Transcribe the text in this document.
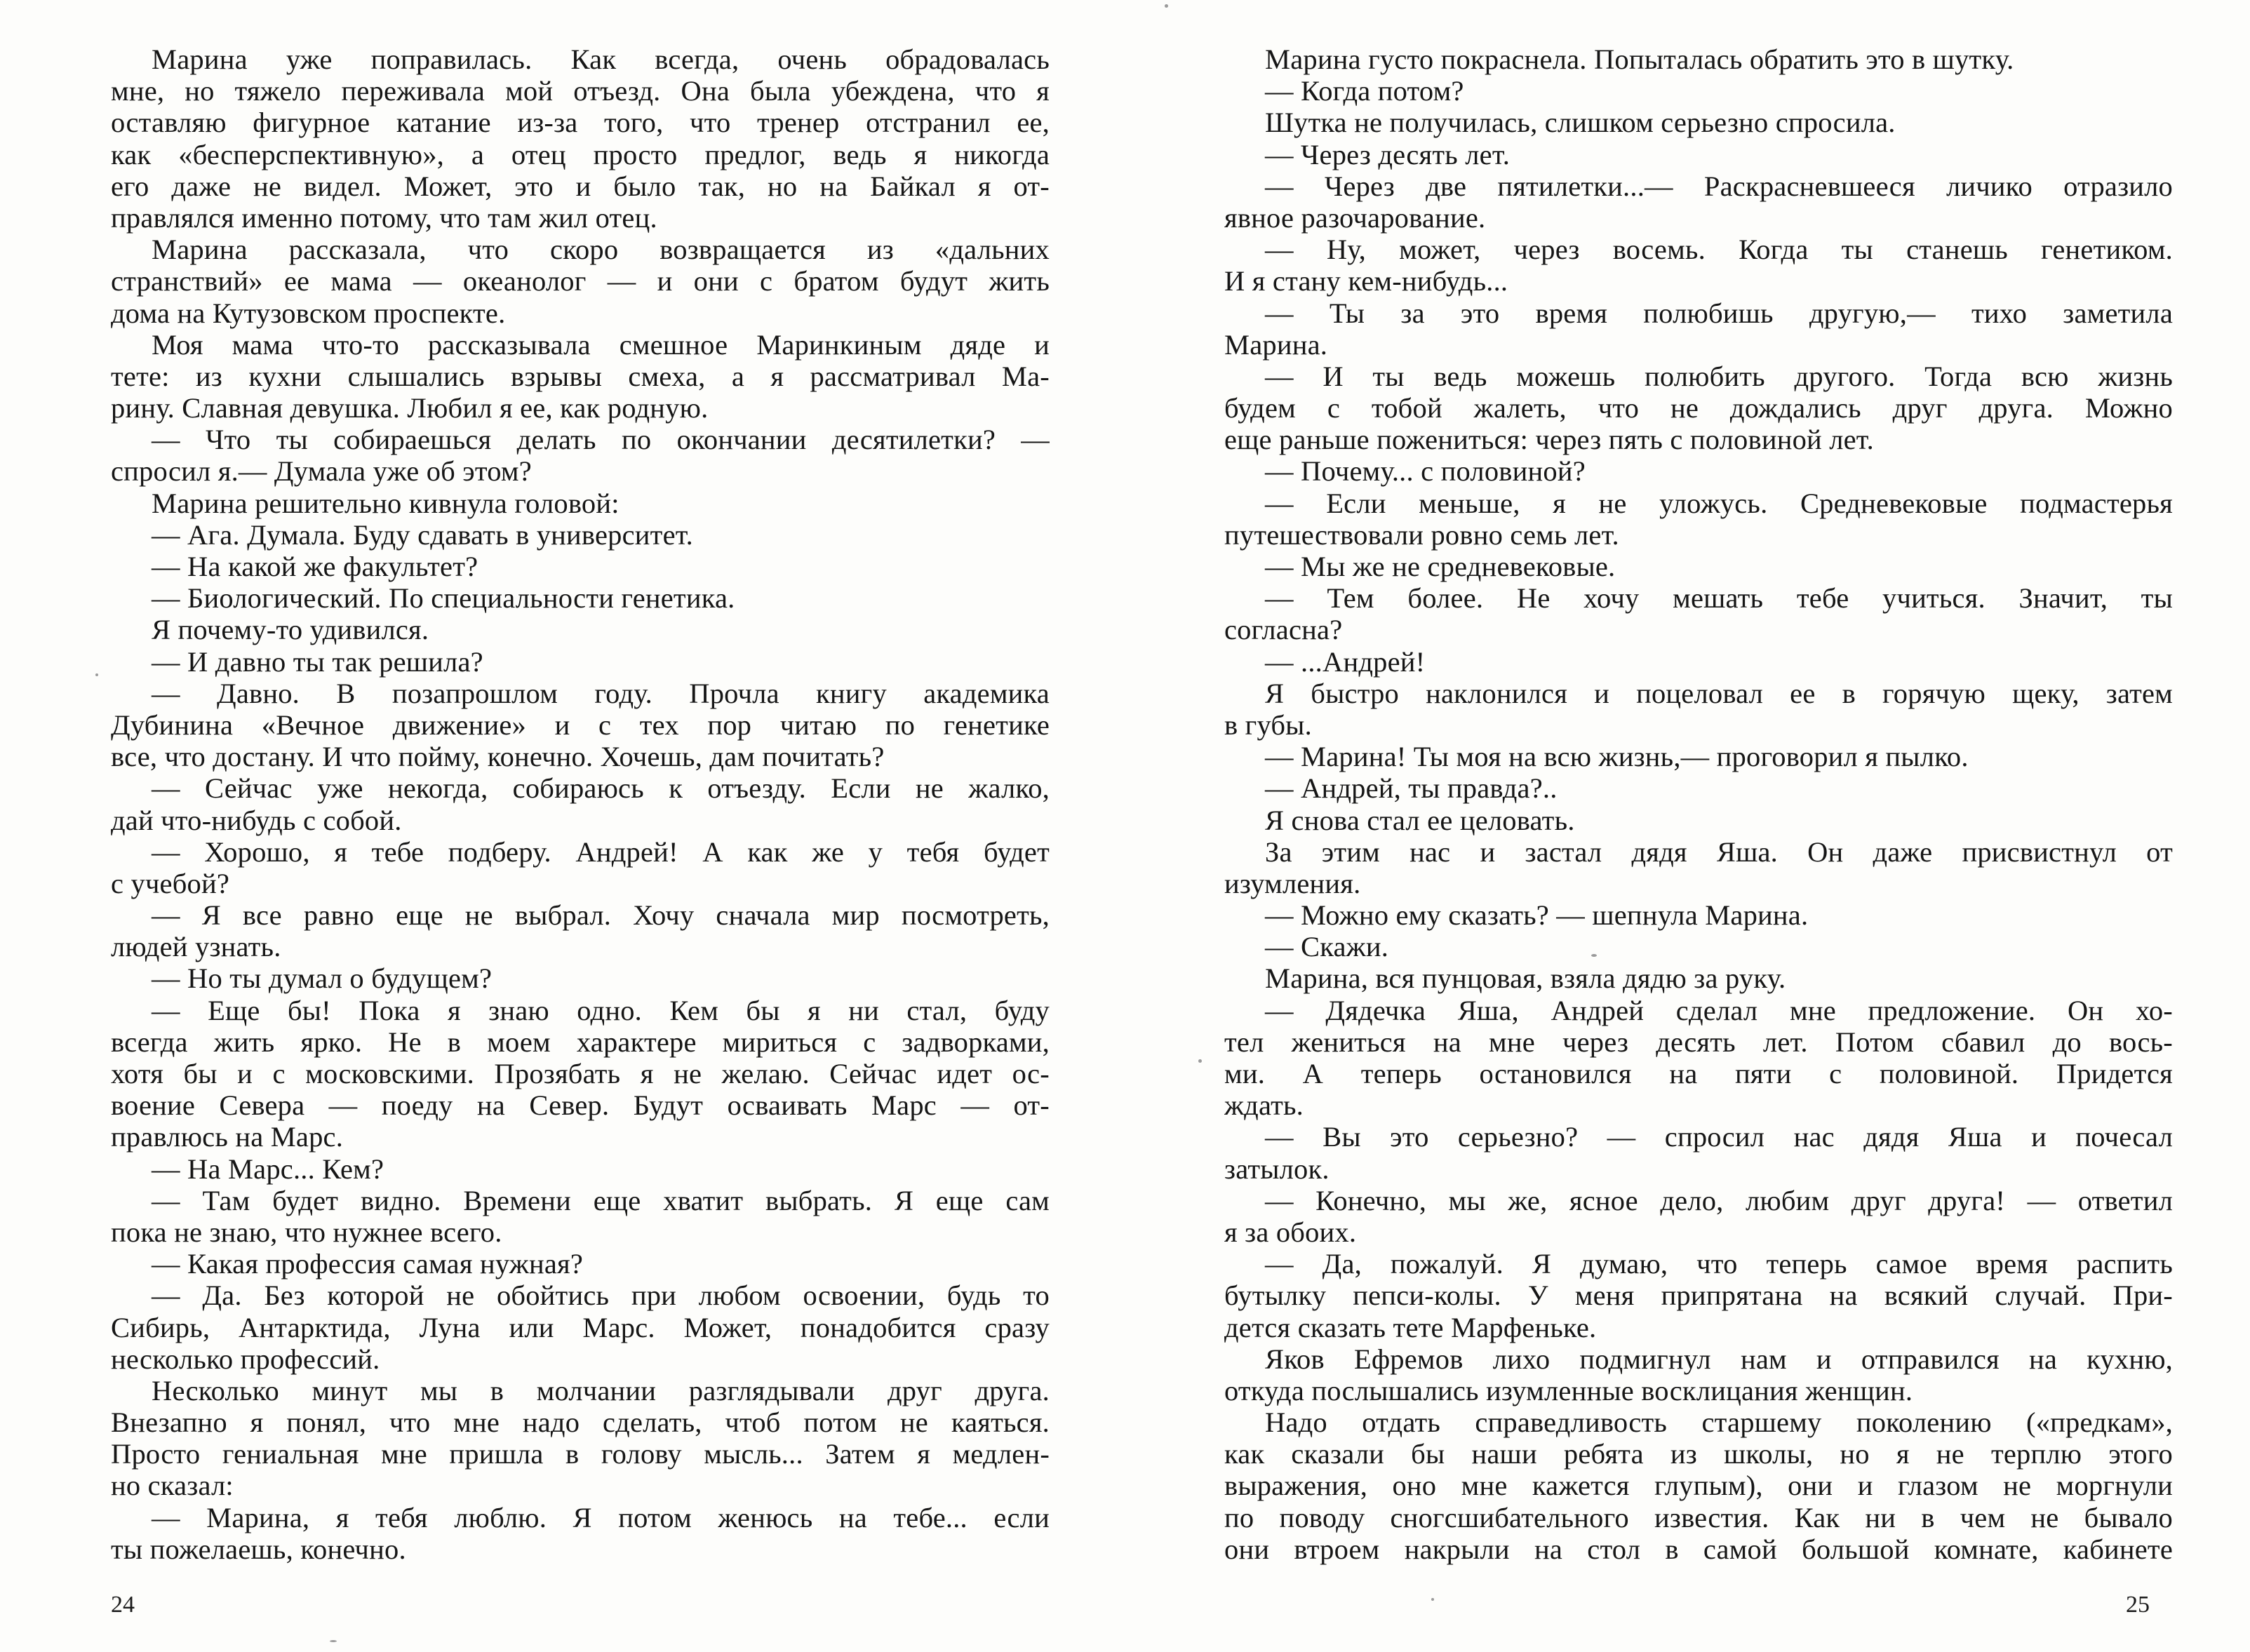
Марина уже поправилась. Как всегда, очень обрадовалась
мне, но тяжело переживала мой отъезд. Она была убеждена, что я
оставляю фигурное катание из-за того, что тренер отстранил ее,
как «бесперспективную», а отец просто предлог, ведь я никогда
его даже не видел. Может, это и было так, но на Байкал я от-
правлялся именно потому, что там жил отец.
Марина рассказала, что скоро возвращается из «дальних
странствий» ее мама — океанолог — и они с братом будут жить
дома на Кутузовском проспекте.
Моя мама что-то рассказывала смешное Маринкиным дяде и
тете: из кухни слышались взрывы смеха, а я рассматривал Ма-
рину. Славная девушка. Любил я ее, как родную.
— Что ты собираешься делать по окончании десятилетки? —
спросил я.— Думала уже об этом?
Марина решительно кивнула головой:
— Ага. Думала. Буду сдавать в университет.
— На какой же факультет?
— Биологический. По специальности генетика.
Я почему-то удивился.
— И давно ты так решила?
— Давно. В позапрошлом году. Прочла книгу академика
Дубинина «Вечное движение» и с тех пор читаю по генетике
все, что достану. И что пойму, конечно. Хочешь, дам почитать?
— Сейчас уже некогда, собираюсь к отъезду. Если не жалко,
дай что-нибудь с собой.
— Хорошо, я тебе подберу. Андрей! А как же у тебя будет
с учебой?
— Я все равно еще не выбрал. Хочу сначала мир посмотреть,
людей узнать.
— Но ты думал о будущем?
— Еще бы! Пока я знаю одно. Кем бы я ни стал, буду
всегда жить ярко. Не в моем характере мириться с задворками,
хотя бы и с московскими. Прозябать я не желаю. Сейчас идет ос-
воение Севера — поеду на Север. Будут осваивать Марс — от-
правлюсь на Марс.
— На Марс... Кем?
— Там будет видно. Времени еще хватит выбрать. Я еще сам
пока не знаю, что нужнее всего.
— Какая профессия самая нужная?
— Да. Без которой не обойтись при любом освоении, будь то
Сибирь, Антарктида, Луна или Марс. Может, понадобится сразу
несколько профессий.
Несколько минут мы в молчании разглядывали друг друга.
Внезапно я понял, что мне надо сделать, чтоб потом не каяться.
Просто гениальная мне пришла в голову мысль... Затем я медлен-
но сказал:
— Марина, я тебя люблю. Я потом женюсь на тебе... если
ты пожелаешь, конечно.
24
Марина густо покраснела. Попыталась обратить это в шутку.
— Когда потом?
Шутка не получилась, слишком серьезно спросила.
— Через десять лет.
— Через две пятилетки...— Раскрасневшееся личико отразило
явное разочарование.
— Ну, может, через восемь. Когда ты станешь генетиком.
И я стану кем-нибудь...
— Ты за это время полюбишь другую,— тихо заметила
Марина.
— И ты ведь можешь полюбить другого. Тогда всю жизнь
будем с тобой жалеть, что не дождались друг друга. Можно
еще раньше пожениться: через пять с половиной лет.
— Почему... с половиной?
— Если меньше, я не уложусь. Средневековые подмастерья
путешествовали ровно семь лет.
— Мы же не средневековые.
— Тем более. Не хочу мешать тебе учиться. Значит, ты
согласна?
— ...Андрей!
Я быстро наклонился и поцеловал ее в горячую щеку, затем
в губы.
— Марина! Ты моя на всю жизнь,— проговорил я пылко.
— Андрей, ты правда?..
Я снова стал ее целовать.
За этим нас и застал дядя Яша. Он даже присвистнул от
изумления.
— Можно ему сказать? — шепнула Марина.
— Скажи.
Марина, вся пунцовая, взяла дядю за руку.
— Дядечка Яша, Андрей сделал мне предложение. Он хо-
тел жениться на мне через десять лет. Потом сбавил до вось-
ми. А теперь остановился на пяти с половиной. Придется
ждать.
— Вы это серьезно? — спросил нас дядя Яша и почесал
затылок.
— Конечно, мы же, ясное дело, любим друг друга! — ответил
я за обоих.
— Да, пожалуй. Я думаю, что теперь самое время распить
бутылку пепси-колы. У меня припрятана на всякий случай. При-
дется сказать тете Марфеньке.
Яков Ефремов лихо подмигнул нам и отправился на кухню,
откуда послышались изумленные восклицания женщин.
Надо отдать справедливость старшему поколению («предкам»,
как сказали бы наши ребята из школы, но я не терплю этого
выражения, оно мне кажется глупым), они и глазом не моргнули
по поводу сногсшибательного известия. Как ни в чем не бывало
они втроем накрыли на стол в самой большой комнате, кабинете
25
